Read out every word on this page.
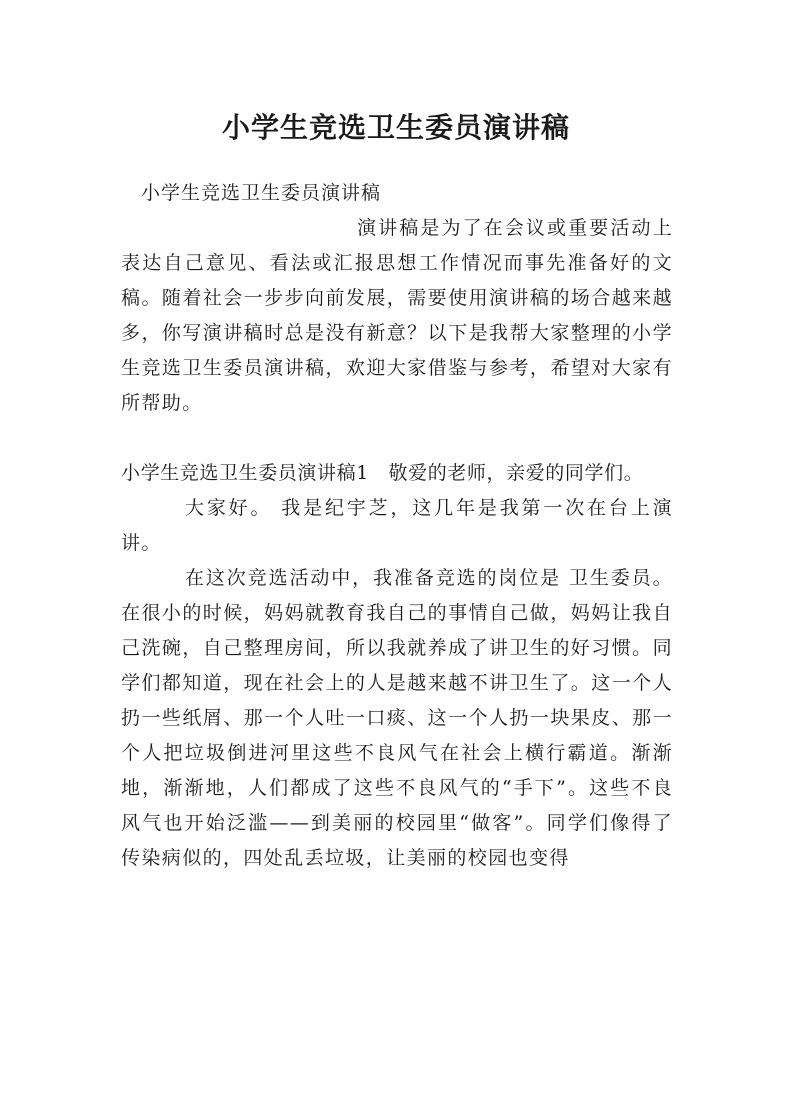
小学生竞选卫生委员演讲稿

小学生竞选卫生委员演讲稿

演讲稿是为了在会议或重要活动上表达自己意见、看法或汇报思想工作情况而事先准备好的文稿。随着社会一步步向前发展，需要使用演讲稿的场合越来越多，你写演讲稿时总是没有新意？以下是我帮大家整理的小学生竞选卫生委员演讲稿，欢迎大家借鉴与参考，希望对大家有所帮助。

小学生竞选卫生委员演讲稿1　敬爱的老师，亲爱的同学们。

大家好。 我是纪宇芝，这几年是我第一次在台上演讲。

在这次竞选活动中，我准备竞选的岗位是 卫生委员。在很小的时候，妈妈就教育我自己的事情自己做，妈妈让我自己洗碗，自己整理房间，所以我就养成了讲卫生的好习惯。同学们都知道，现在社会上的人是越来越不讲卫生了。这一个人扔一些纸屑、那一个人吐一口痰、这一个人扔一块果皮、那一个人把垃圾倒进河里这些不良风气在社会上横行霸道。渐渐地，渐渐地，人们都成了这些不良风气的“手下”。这些不良风气也开始泛滥——到美丽的校园里“做客”。同学们像得了传染病似的，四处乱丢垃圾，让美丽的校园也变得
